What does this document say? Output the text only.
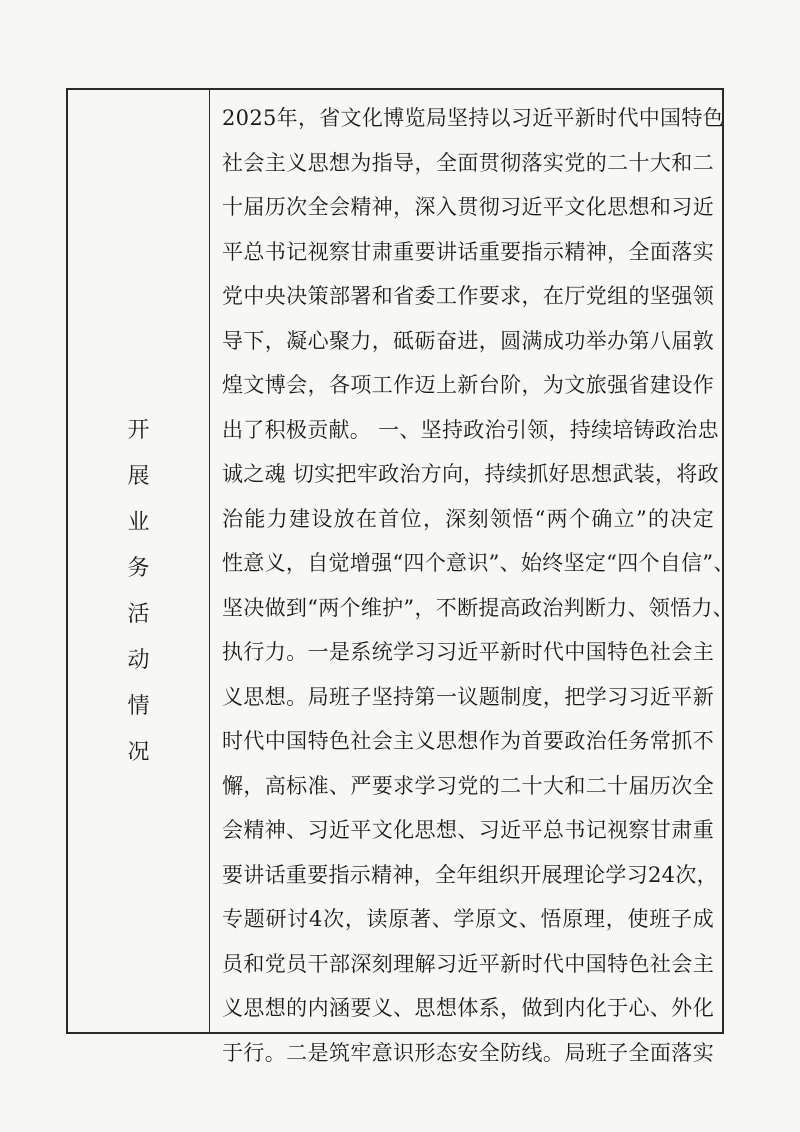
开
展
业
务
活
动
情
况
2025年，省文化博览局坚持以习近平新时代中国特色
社会主义思想为指导，全面贯彻落实党的二十大和二
十届历次全会精神，深入贯彻习近平文化思想和习近
平总书记视察甘肃重要讲话重要指示精神，全面落实
党中央决策部署和省委工作要求，在厅党组的坚强领
导下，凝心聚力，砥砺奋进，圆满成功举办第八届敦
煌文博会，各项工作迈上新台阶，为文旅强省建设作
出了积极贡献。 一、坚持政治引领，持续培铸政治忠
诚之魂 切实把牢政治方向，持续抓好思想武装，将政
治能力建设放在首位，深刻领悟“两个确立”的决定
性意义，自觉增强“四个意识”、始终坚定“四个自信”、
坚决做到“两个维护”，不断提高政治判断力、领悟力、
执行力。一是系统学习习近平新时代中国特色社会主
义思想。局班子坚持第一议题制度，把学习习近平新
时代中国特色社会主义思想作为首要政治任务常抓不
懈，高标准、严要求学习党的二十大和二十届历次全
会精神、习近平文化思想、习近平总书记视察甘肃重
要讲话重要指示精神，全年组织开展理论学习24次，
专题研讨4次，读原著、学原文、悟原理，使班子成
员和党员干部深刻理解习近平新时代中国特色社会主
义思想的内涵要义、思想体系，做到内化于心、外化
于行。二是筑牢意识形态安全防线。局班子全面落实
